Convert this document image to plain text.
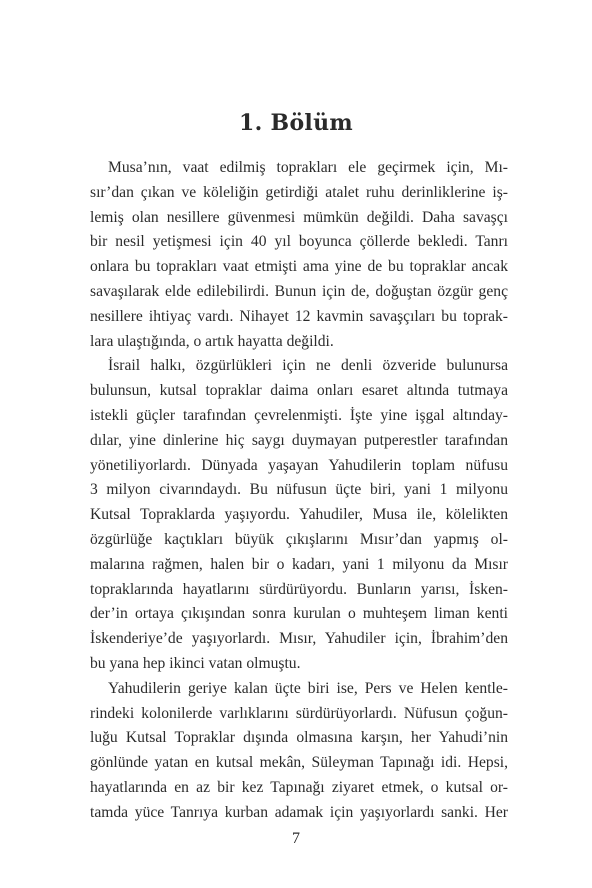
1. Bölüm
Musa’nın, vaat edilmiş toprakları ele geçirmek için, Mı-
sır’dan çıkan ve köleliğin getirdiği atalet ruhu derinliklerine iş-
lemiş olan nesillere güvenmesi mümkün değildi. Daha savaşçı
bir nesil yetişmesi için 40 yıl boyunca çöllerde bekledi. Tanrı
onlara bu toprakları vaat etmişti ama yine de bu topraklar ancak
savaşılarak elde edilebilirdi. Bunun için de, doğuştan özgür genç
nesillere ihtiyaç vardı. Nihayet 12 kavmin savaşçıları bu toprak-
lara ulaştığında, o artık hayatta değildi.
İsrail halkı, özgürlükleri için ne denli özveride bulunursa
bulunsun, kutsal topraklar daima onları esaret altında tutmaya
istekli güçler tarafından çevrelenmişti. İşte yine işgal altınday-
dılar, yine dinlerine hiç saygı duymayan putperestler tarafından
yönetiliyorlardı. Dünyada yaşayan Yahudilerin toplam nüfusu
3 milyon civarındaydı. Bu nüfusun üçte biri, yani 1 milyonu
Kutsal Topraklarda yaşıyordu. Yahudiler, Musa ile, kölelikten
özgürlüğe kaçtıkları büyük çıkışlarını Mısır’dan yapmış ol-
malarına rağmen, halen bir o kadarı, yani 1 milyonu da Mısır
topraklarında hayatlarını sürdürüyordu. Bunların yarısı, İsken-
der’in ortaya çıkışından sonra kurulan o muhteşem liman kenti
İskenderiye’de yaşıyorlardı. Mısır, Yahudiler için, İbrahim’den
bu yana hep ikinci vatan olmuştu.
Yahudilerin geriye kalan üçte biri ise, Pers ve Helen kentle-
rindeki kolonilerde varlıklarını sürdürüyorlardı. Nüfusun çoğun-
luğu Kutsal Topraklar dışında olmasına karşın, her Yahudi’nin
gönlünde yatan en kutsal mekân, Süleyman Tapınağı idi. Hepsi,
hayatlarında en az bir kez Tapınağı ziyaret etmek, o kutsal or-
tamda yüce Tanrıya kurban adamak için yaşıyorlardı sanki. Her
7
